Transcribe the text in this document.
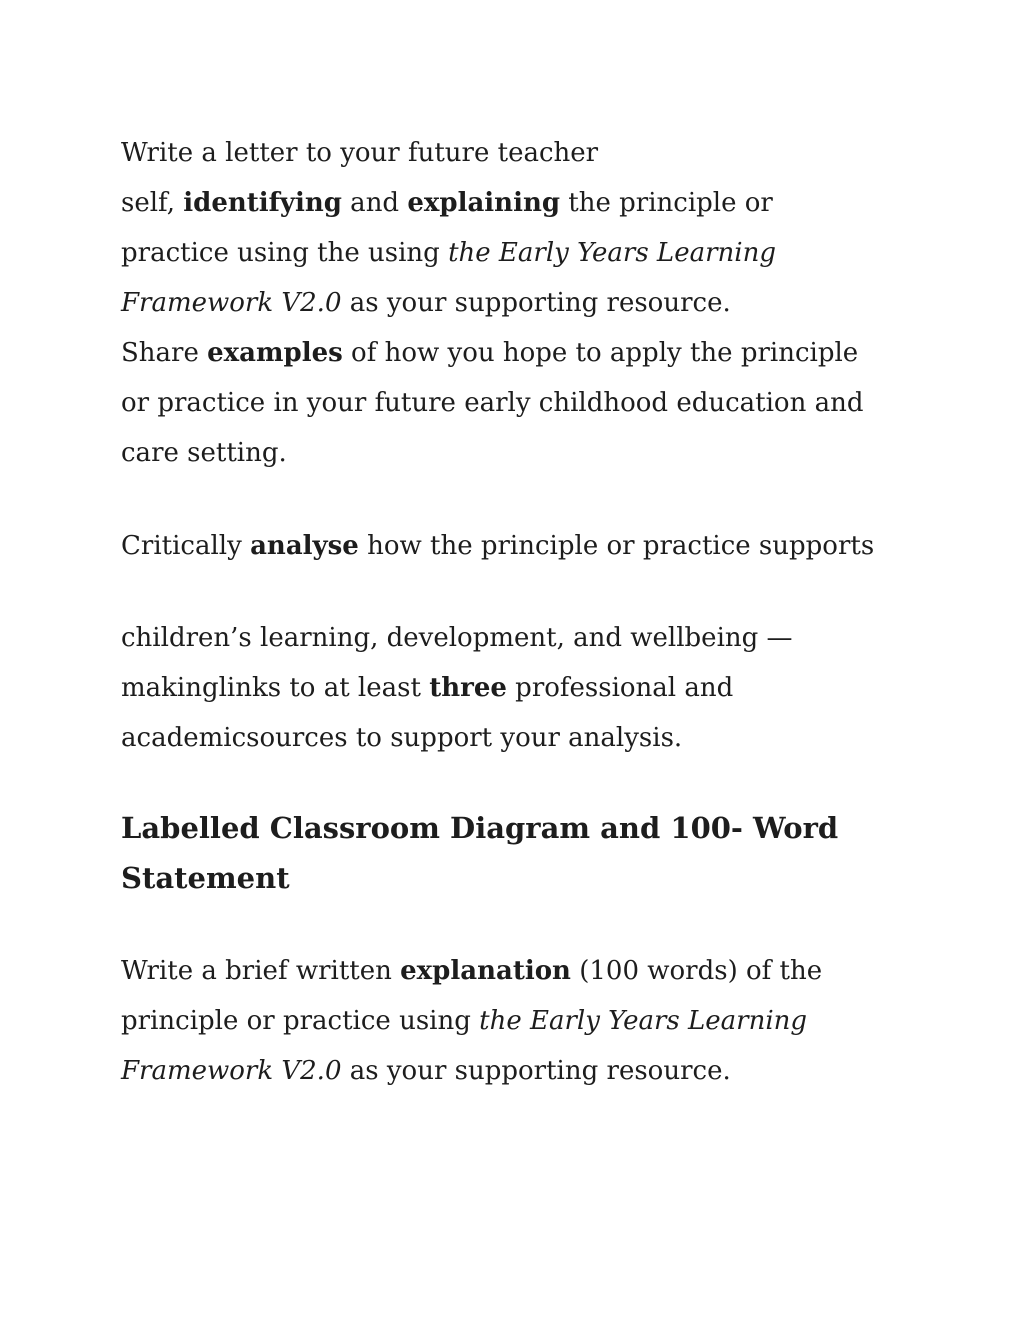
Write a letter to your future teacher
self, identifying and explaining the principle or
practice using the using the Early Years Learning
Framework V2.0 as your supporting resource.
Share examples of how you hope to apply the principle
or practice in your future early childhood education and
care setting.

Critically analyse how the principle or practice supports

children’s learning, development, and wellbeing —
makinglinks to at least three professional and
academicsources to support your analysis.

Labelled Classroom Diagram and 100- Word
Statement

Write a brief written explanation (100 words) of the
principle or practice using the Early Years Learning
Framework V2.0 as your supporting resource.
